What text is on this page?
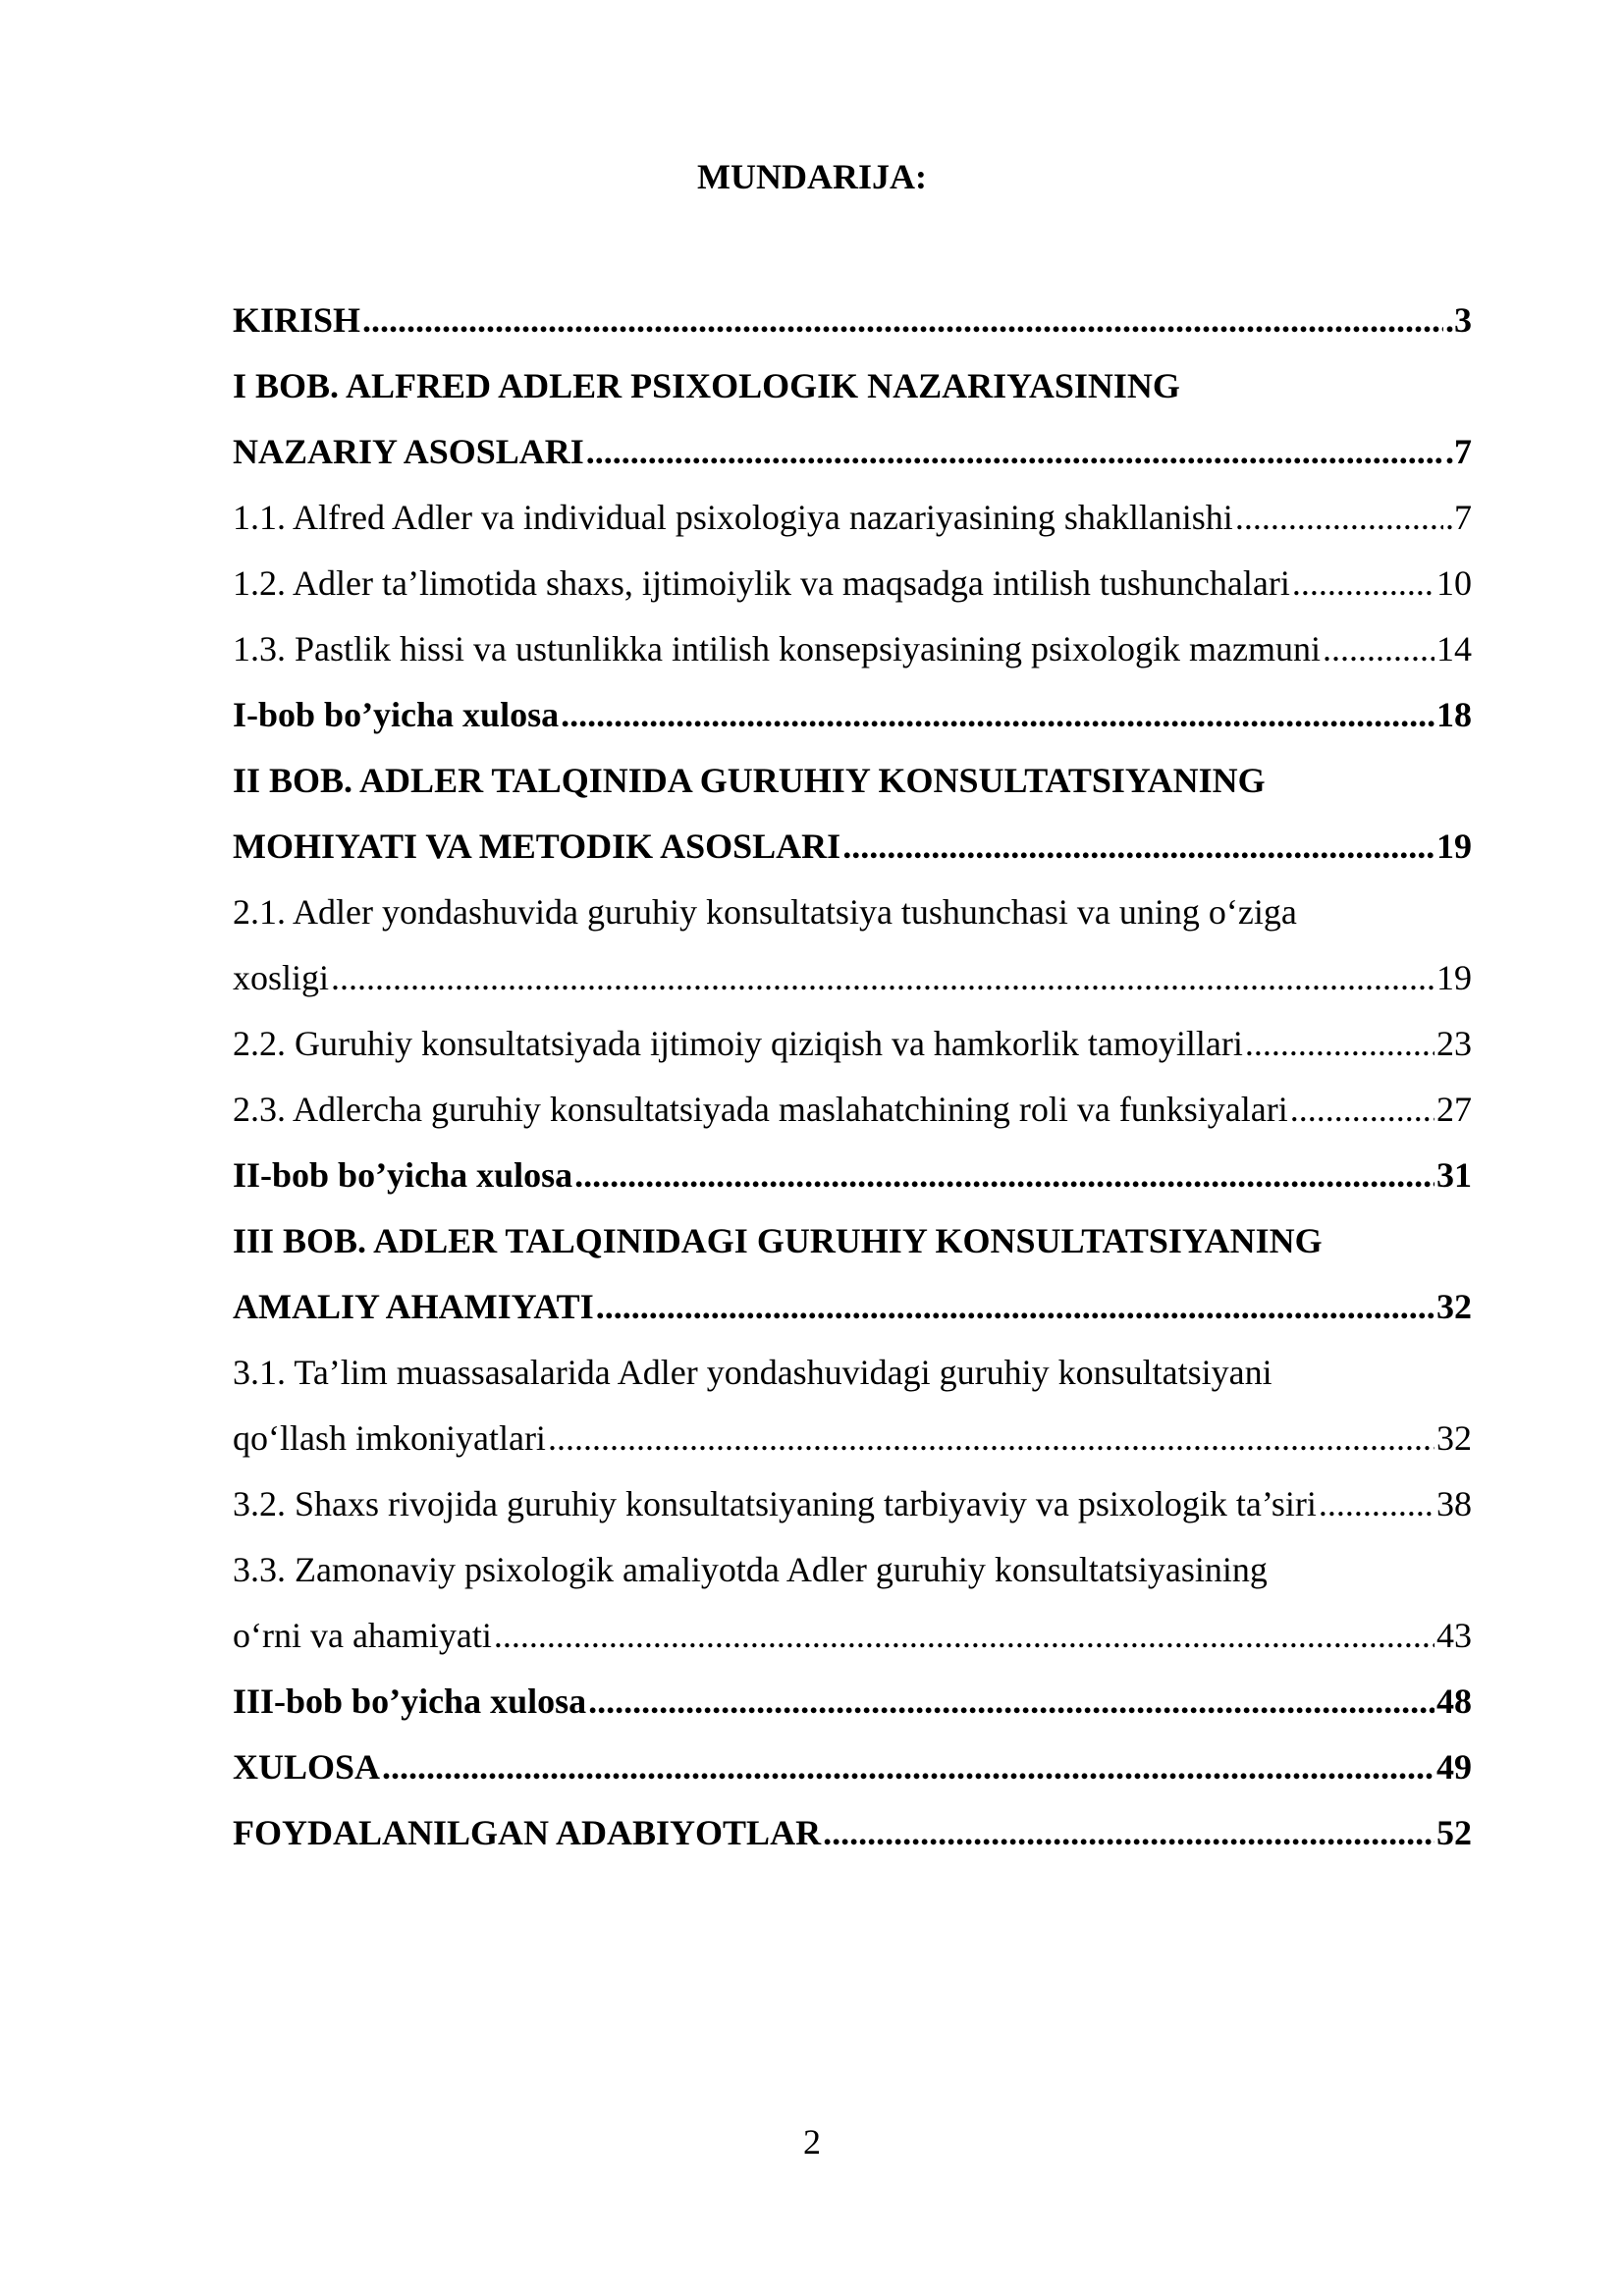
MUNDARIJA:
KIRISH .....	.3
I BOB. ALFRED ADLER PSIXOLOGIK NAZARIYASINING
NAZARIY ASOSLARI .....	.7
1.1. Alfred Adler va individual psixologiya nazariyasining shakllanishi .....	.7
1.2. Adler ta’limotida shaxs, ijtimoiylik va maqsadga intilish tushunchalari .....	10
1.3. Pastlik hissi va ustunlikka intilish konsepsiyasining psixologik mazmuni .....	14
I-bob bo’yicha xulosa .....	18
II BOB. ADLER TALQINIDA GURUHIY KONSULTATSIYANING
MOHIYATI VA METODIK ASOSLARI .....	19
2.1. Adler yondashuvida guruhiy konsultatsiya tushunchasi va uning o‘ziga
xosligi .....	19
2.2. Guruhiy konsultatsiyada ijtimoiy qiziqish va hamkorlik tamoyillari .....	23
2.3. Adlercha guruhiy konsultatsiyada maslahatchining roli va funksiyalari .....	27
II-bob bo’yicha xulosa .....	31
III BOB. ADLER TALQINIDAGI GURUHIY KONSULTATSIYANING
AMALIY AHAMIYATI .....	32
3.1. Ta’lim muassasalarida Adler yondashuvidagi guruhiy konsultatsiyani
qo‘llash imkoniyatlari .....	32
3.2. Shaxs rivojida guruhiy konsultatsiyaning tarbiyaviy va psixologik ta’siri .....	38
3.3. Zamonaviy psixologik amaliyotda Adler guruhiy konsultatsiyasining
o‘rni va ahamiyati .....	43
III-bob bo’yicha xulosa .....	48
XULOSA .....	49
FOYDALANILGAN ADABIYOTLAR .....	52
2
